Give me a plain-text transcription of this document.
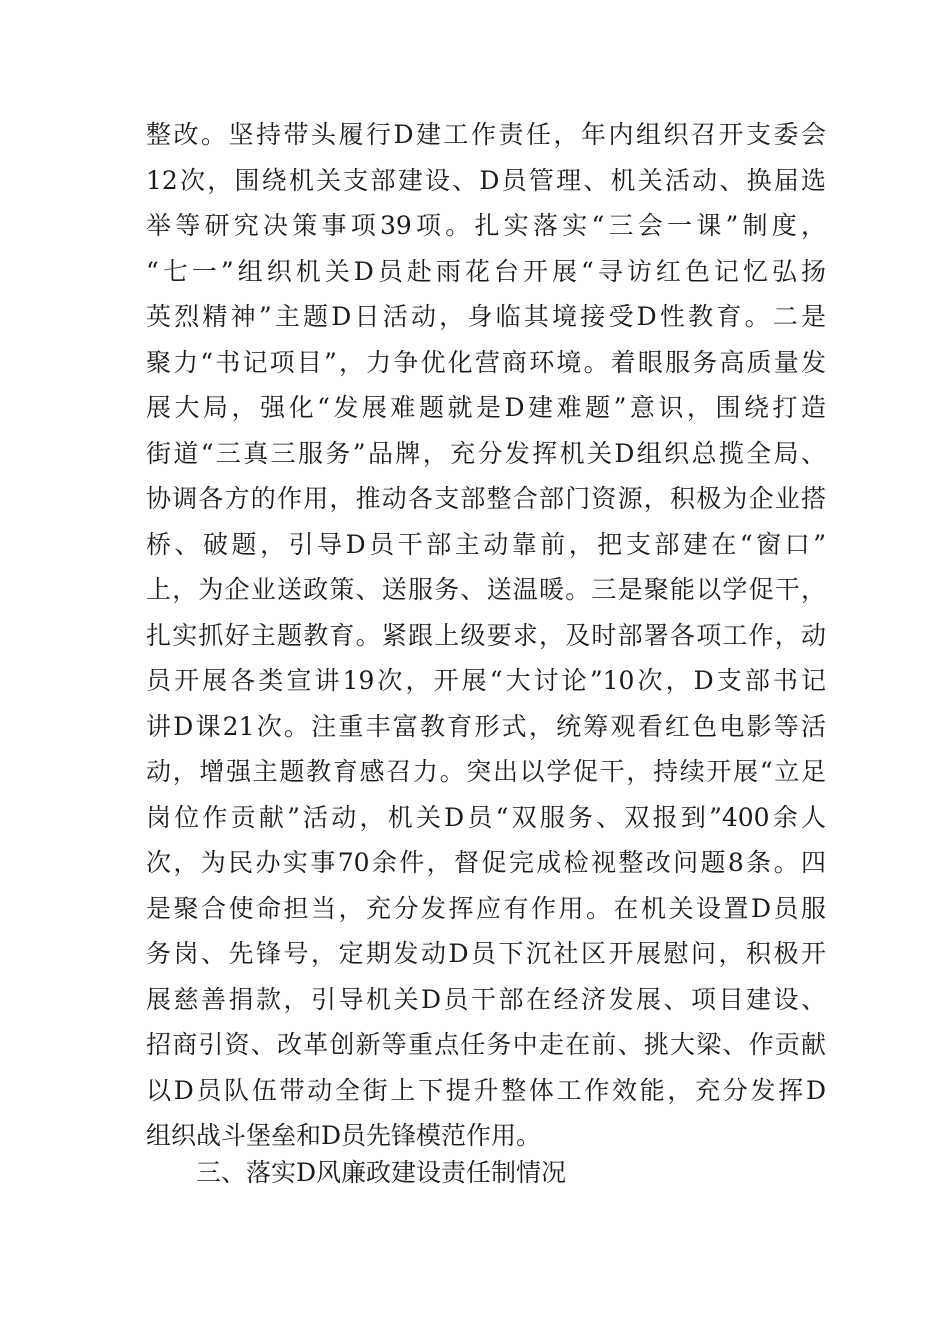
整改。坚持带头履行D建工作责任，年内组织召开支委会
12次，围绕机关支部建设、D员管理、机关活动、换届选
举等研究决策事项39项。扎实落实“三会一课”制度，
“七一”组织机关D员赴雨花台开展“寻访红色记忆弘扬
英烈精神”主题D日活动，身临其境接受D性教育。二是
聚力“书记项目”，力争优化营商环境。着眼服务高质量发
展大局，强化“发展难题就是D建难题”意识，围绕打造
街道“三真三服务”品牌，充分发挥机关D组织总揽全局、
协调各方的作用，推动各支部整合部门资源，积极为企业搭
桥、破题，引导D员干部主动靠前，把支部建在“窗口”
上，为企业送政策、送服务、送温暖。三是聚能以学促干，
扎实抓好主题教育。紧跟上级要求，及时部署各项工作，动
员开展各类宣讲19次，开展“大讨论”10次，D支部书记
讲D课21次。注重丰富教育形式，统筹观看红色电影等活
动，增强主题教育感召力。突出以学促干，持续开展“立足
岗位作贡献”活动，机关D员“双服务、双报到”400余人
次，为民办实事70余件，督促完成检视整改问题8条。四
是聚合使命担当，充分发挥应有作用。在机关设置D员服
务岗、先锋号，定期发动D员下沉社区开展慰问，积极开
展慈善捐款，引导机关D员干部在经济发展、项目建设、
招商引资、改革创新等重点任务中走在前、挑大梁、作贡献
以D员队伍带动全街上下提升整体工作效能，充分发挥D
组织战斗堡垒和D员先锋模范作用。
三、落实D风廉政建设责任制情况
